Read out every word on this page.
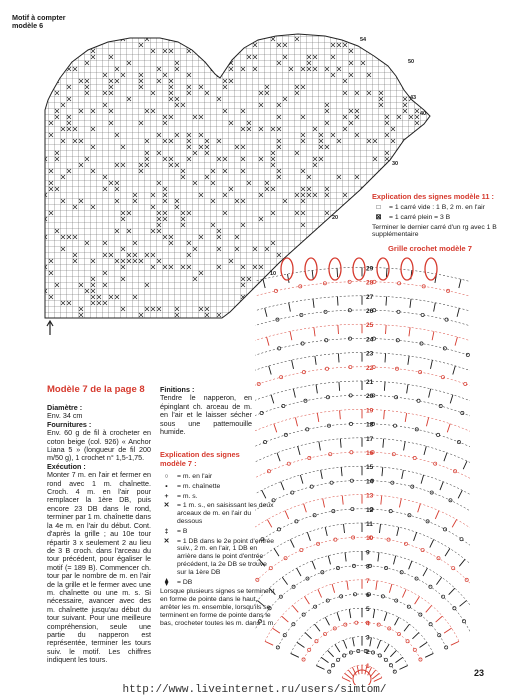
Motif à compter
modèle 6
54
50
43
40
30
20
10
Explication des signes modèle 11 :
□	= 1 carré vide : 1 B, 2 m. en l'air
⊠	= 1 carré plein = 3 B
Terminer le dernier carré d'un rg avec 1 B supplémentaire
Grille crochet modèle 7
1
2
3
4
5
6
7
8
9
10
11
12
13
14
15
16
17
18
19
20
21
22
23
24
25
26
27
28
29
Modèle 7 de la page 8
Diamètre :
Env. 34 cm
Fournitures :
Env. 60 g de fil à crocheter en coton beige (col. 926) « Anchor Liana 5 » (longueur de fil 200 m/50 g), 1 crochet n° 1,5-1,75.
Exécution :
Monter 7 m. en l'air et fermer en rond avec 1 m. chaînette. Croch. 4 m. en l'air pour remplacer la 1ère DB, puis encore 23 DB dans le rond, terminer par 1 m. chaînette dans la 4e m. en l'air du début. Cont. d'après la grille ; au 10e tour répartir 3 x seulement 2 au lieu de 3 B croch. dans l'arceau du tour précédent, pour égaliser le motif (= 189 B). Commencer ch. tour par le nombre de m. en l'air de la grille et le fermer avec une m. chaînette ou une m. s. Si nécessaire, avancer avec des m. chaînette jusqu'au début du tour suivant. Pour une meilleure compréhension, seule une partie du napperon est représentée, terminer les tours suiv. le motif. Les chiffres indiquent les tours.
Finitions :
Tendre le napperon, en épinglant ch. arceau de m. en l'air et le laisser sécher sous une pattemouille humide.
Explication des signes
modèle 7 :
○	= m. en l'air
•	= m. chaînette
+	= m. s.
✕	= 1 m. s., en saisissant les deux arceaux de m. en l'air du dessous
‡	= B
✕	= 1 DB dans le 2e point d'entrée suiv., 2 m. en l'air, 1 DB en arrière dans le point d'entrée précédent, la 2e DB se trouve sur la 1ère DB
⧫	= DB
Lorsque plusieurs signes se terminent en forme de pointe dans le haut, arrêter les m. ensemble, lorsqu'ils se terminent en forme de pointe dans le bas, crocheter toutes les m. dans 1 m.
23
http://www.liveinternet.ru/users/simtom/
